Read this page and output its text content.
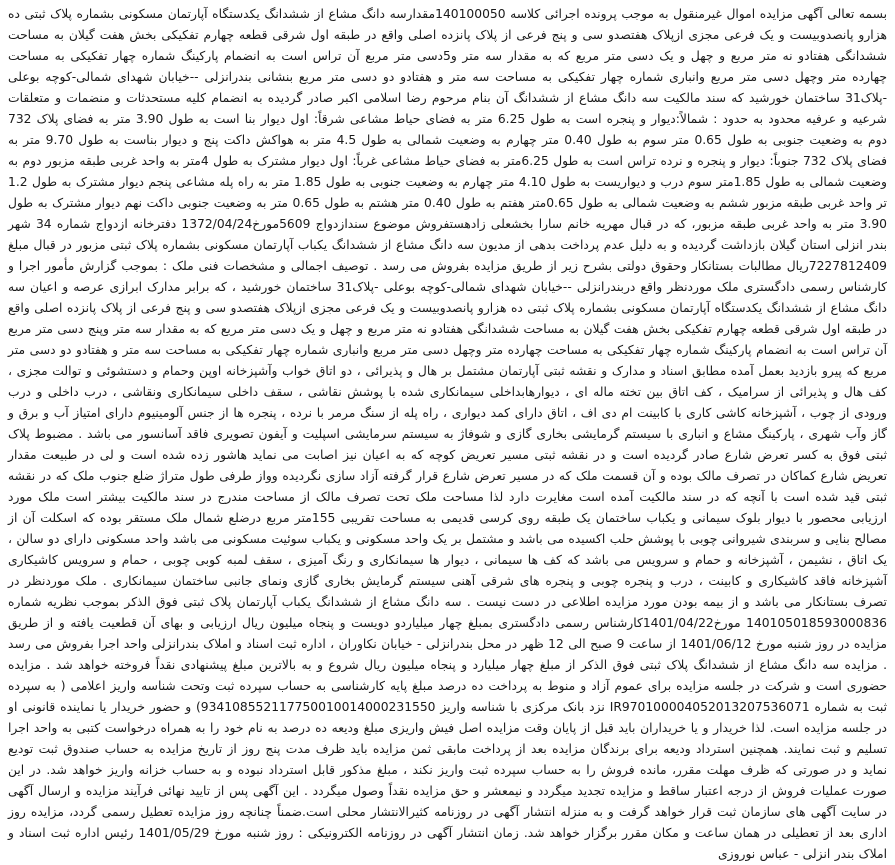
بسمه تعالی آگهی مزایده اموال غیرمنقول به موجب پرونده اجرائی کلاسه 140100050مقدارسه دانگ مشاع از ششدانگ یکدستگاه آپارتمان مسکونی بشماره پلاک ثبتی ده هزارو پانصدوبیست و یک فرعی مجزی ازپلاک هفتصدو سی و پنج فرعی از پلاک پانزده اصلی واقع در طبقه اول شرقی قطعه چهارم تفکیکی بخش هفت گیلان به مساحت ششدانگی هفتادو نه متر مربع و چهل و یک دسی متر مربع که به مقدار سه متر و5دسی متر مربع آن تراس است به انضمام پارکینگ شماره چهار تفکیکی به مساحت چهارده متر وچهل دسی متر مربع وانباری شماره چهار تفکیکی به مساحت سه متر و هفتادو دو دسی متر مربع بنشانی بندرانزلی --خیابان شهدای شمالی-کوچه بوعلی -پلاک31 ساختمان خورشید که سند مالکیت سه دانگ مشاع از ششدانگ آن بنام مرحوم رضا اسلامی اکبر صادر گردیده به انضمام کلیه مستحدثات و منضمات و متعلقات شرعیه و عرفیه محدود به حدود : شمالاً:دیوار و پنجره است به طول 6.25 متر به فضای حیاط مشاعی شرقاً: اول دیوار بنا است به طول 3.90 متر به فضای پلاک 732 دوم به وضعیت جنوبی به طول 0.65 متر سوم به طول 0.40 متر چهارم به وضعیت شمالی به طول 4.5 متر به هواکش داکت پنج و دیوار بناست به طول 9.70 متر به فضای پلاک 732 جنوباً: دیوار و پنجره و نرده تراس است به طول 6.25متر به فضای حیاط مشاعی غرباً: اول دیوار مشترک به طول 4متر به واحد غربی طبقه مزبور دوم به وضعیت شمالی به طول 1.85متر سوم درب و دیواریست به طول 4.10 متر چهارم به وضعیت جنوبی به طول 1.85 متر به راه پله مشاعی پنجم دیوار مشترک به طول 1.2 تر واحد غربی طبقه مزبور ششم به وضعیت شمالی به طول 0.65متر هفتم به طول 0.40 متر هشتم به طول 0.65 متر به وضعیت جنوبی داکت نهم دیوار مشترک به طول 3.90 متر به واحد غربی طبقه مزبور، که در قبال مهریه خانم سارا بخشعلی زادهستفروش موضوع سندازدواج 5609مورخ1372/04/24 دفترخانه ازدواج شماره 34 شهر بندر انزلی استان گیلان بازداشت گردیده و به دلیل عدم پرداخت بدهی از مدیون سه دانگ مشاع از ششدانگ یکباب آپارتمان مسکونی بشماره پلاک ثبتی مزبور در قبال مبلغ 7227812409ریال مطالبات بستانکار وحقوق دولتی بشرح زیر از طریق مزایده بفروش می رسد . توصیف اجمالی و مشخصات فنی ملک : بموجب گزارش مأمور اجرا و کارشناس رسمی دادگستری ملک موردنظر واقع دربندرانزلی --خیابان شهدای شمالی-کوچه بوعلی -پلاک31 ساختمان خورشید ، که برابر مدارک ابرازی عرصه و اعیان سه دانگ مشاع از ششدانگ یکدستگاه آپارتمان مسکونی بشماره پلاک ثبتی ده هزارو پانصدوبیست و یک فرعی مجزی ازپلاک هفتصدو سی و پنج فرعی از پلاک پانزده اصلی واقع در طبقه اول شرقی قطعه چهارم تفکیکی بخش هفت گیلان به مساحت ششدانگی هفتادو نه متر مربع و چهل و یک دسی متر مربع که به مقدار سه متر وپنج دسی متر مربع آن تراس است به انضمام پارکینگ شماره چهار تفکیکی به مساحت چهارده متر وچهل دسی متر مربع وانباری شماره چهار تفکیکی به مساحت سه متر و هفتادو دو دسی متر مربع که پیرو بازدید بعمل آمده مطابق اسناد و مدارک و نقشه ثبتی آپارتمان مشتمل بر هال و پذیرائی ، دو اتاق خواب وآشپزخانه اوپن وحمام و دستشوئی و توالت مجزی ، کف هال و پذیرائی از سرامیک ، کف اتاق بین تخته ماله ای ، دیوارهابداخلی سیمانکاری شده با پوشش نقاشی ، سقف داخلی سیمانکاری ونقاشی ، درب داخلی و درب ورودی از چوب ، آشپزخانه کاشی کاری با کابینت ام دی اف ، اتاق دارای کمد دیواری ، راه پله از سنگ مرمر با نرده ، پنجره ها از جنس آلومینیوم دارای امتیاز آب و برق و گاز وآب شهری ، پارکینگ مشاع و انباری با سیستم گرمایشی بخاری گازی و شوفاژ به سیستم سرمایشی اسپلیت و آیفون تصویری فاقد آسانسور می باشد . مضبوط پلاک ثبتی فوق به کسر تعرض شارع صادر گردیده است و در نقشه ثبتی مسیر تعریض کوچه که به اعیان نیز اصابت می نماید هاشور زده شده است و لی در طبیعت مقدار تعریض شارع کماکان در تصرف مالک بوده و آن قسمت ملک که در مسیر تعرض شارع قرار گرفته آزاد سازی نگردیده وواز طرفی طول متراژ ضلع جنوب ملک که در نقشه ثبتی قید شده است با آنچه که در سند مالکیت آمده است مغایرت دارد لذا مساحت ملک تحت تصرف مالک از مساحت مندرج در سند مالکیت بیشتر است ملک مورد ارزیابی محصور با دیوار بلوک سیمانی و یکباب ساختمان یک طبقه روی کرسی قدیمی به مساحت تقریبی 155متر مربع درضلع شمال ملک مستقر بوده که اسکلت آن از مصالح بنایی و سربندی شیروانی چوبی با پوشش حلب اکسیده می باشد و مشتمل بر یک واحد مسکونی و یکباب سوئیت مسکونی می باشد واحد مسکونی دارای دو سالن ، یک اتاق ، نشیمن ، آشپزخانه و حمام و سرویس می باشد که کف ها سیمانی ، دیوار ها سیمانکاری و رنگ آمیزی ، سقف لمبه کوبی چوبی ، حمام و سرویس کاشیکاری آشپزخانه فاقد کاشیکاری و کابینت ، درب و پنجره چوبی و پنجره های شرقی آهنی سیستم گرمایش بخاری گازی ونمای جانبی ساختمان سیمانکاری . ملک موردنظر در تصرف بستانکار می باشد و از بیمه بودن مورد مزایده اطلاعی در دست نیست . سه دانگ مشاع از ششدانگ یکباب آپارتمان پلاک ثبتی فوق الذکر بموجب نظریه شماره 140105018593000836 مورخ1401/04/22کارشناس رسمی دادگستری بمبلغ چهار میلیاردو دویست و پنجاه میلیون ریال ارزیابی و بهای آن قطعیت یافته و از طریق مزایده در روز شنبه مورخ 1401/06/12 از ساعت 9 صبح الی 12 ظهر در محل بندرانزلی - خیابان نکاوران ، اداره ثبت اسناد و املاک بندرانزلی واحد اجرا بفروش می رسد . مزایده سه دانگ مشاع از ششدانگ پلاک ثبتی فوق الذکر از مبلغ چهار میلیارد و پنجاه میلیون ریال شروع و به بالاترین مبلغ پیشنهادی نقداً فروخته خواهد شد . مزایده حضوری است و شرکت در جلسه مزایده برای عموم آزاد و منوط به پرداخت ده درصد مبلغ پایه کارشناسی به حساب سپرده ثبت وتحت شناسه واریز اعلامی ( به سپرده ثبت به شماره IR970100004052013207536071 نزد بانک مرکزی با شناسه واریز 934108552117750010014000231550) و حضور خریدار یا نماینده قانونی او در جلسه مزایده است. لذا خریدار و یا خریداران باید قبل از پایان وقت مزایده اصل فیش واریزی مبلغ ودیعه ده درصد به نام خود را به همراه درخواست کتبی به واحد اجرا تسلیم و ثبت نمایند. همچنین استرداد ودیعه برای برندگان مزایده بعد از پرداخت مابقی ثمن مزایده باید ظرف مدت پنج روز از تاریخ مزایده به حساب صندوق ثبت تودیع نماید و در صورتی که ظرف مهلت مقرر، مانده فروش را به حساب سپرده ثبت واریز نکند ، مبلغ مذکور قابل استرداد نبوده و به حساب خزانه واریز خواهد شد. در این صورت عملیات فروش از درجه اعتبار ساقط و مزایده تجدید میگردد و نیمعشر و حق مزایده نقداً وصول میگردد . این آگهی پس از تایید نهائی فرآیند مزایده و ارسال آگهی در سایت آگهی های سازمان ثبت قرار خواهد گرفت و به منزله انتشار آگهی در روزنامه کثیرالانتشار محلی است.ضمناً چنانچه روز مزایده تعطیل رسمی گردد، مزایده روز اداری بعد از تعطیلی در همان ساعت و مکان مقرر برگزار خواهد شد. زمان انتشار آگهی در روزنامه الکترونیکی : روز شنبه مورخ 1401/05/29 رئیس اداره ثبت اسناد و املاک بندر انزلی - عباس نوروزی
